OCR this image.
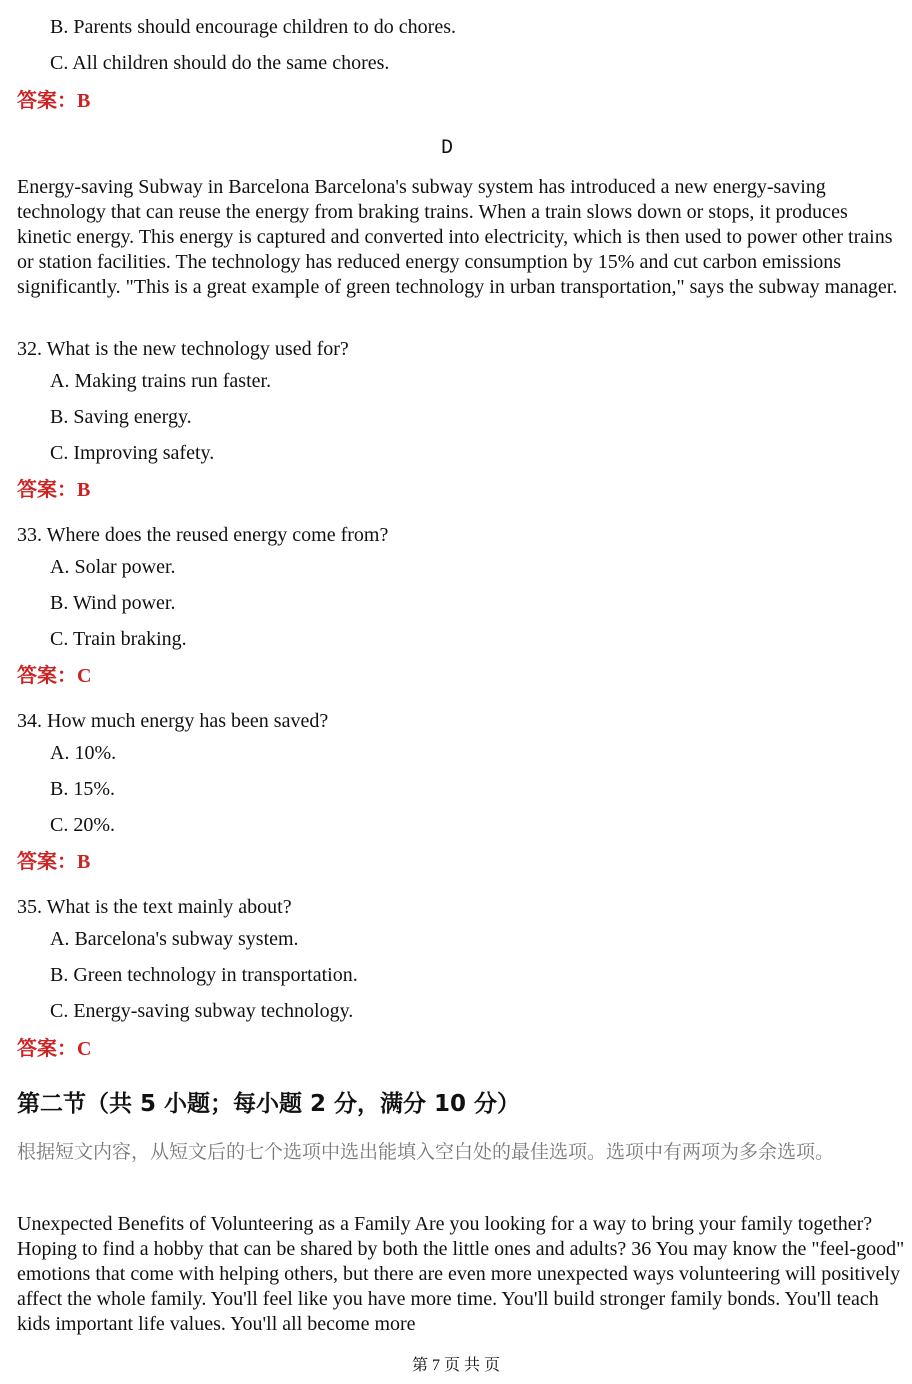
B. Parents should encourage children to do chores.
C. All children should do the same chores.
答案：B
D
Energy-saving Subway in Barcelona Barcelona's subway system has introduced a new energy-saving technology that can reuse the energy from braking trains. When a train slows down or stops, it produces kinetic energy. This energy is captured and converted into electricity, which is then used to power other trains or station facilities. The technology has reduced energy consumption by 15% and cut carbon emissions significantly. "This is a great example of green technology in urban transportation," says the subway manager.
32. What is the new technology used for?
A. Making trains run faster.
B. Saving energy.
C. Improving safety.
答案：B
33. Where does the reused energy come from?
A. Solar power.
B. Wind power.
C. Train braking.
答案：C
34. How much energy has been saved?
A. 10%.
B. 15%.
C. 20%.
答案：B
35. What is the text mainly about?
A. Barcelona's subway system.
B. Green technology in transportation.
C. Energy-saving subway technology.
答案：C
第二节（共 5 小题；每小题 2 分，满分 10 分）
根据短文内容，从短文后的七个选项中选出能填入空白处的最佳选项。选项中有两项为多余选项。
Unexpected Benefits of Volunteering as a Family Are you looking for a way to bring your family together? Hoping to find a hobby that can be shared by both the little ones and adults? 36 You may know the "feel-good" emotions that come with helping others, but there are even more unexpected ways volunteering will positively affect the whole family. You'll feel like you have more time. You'll build stronger family bonds. You'll teach kids important life values. You'll all become more
第 7 页 共 页
